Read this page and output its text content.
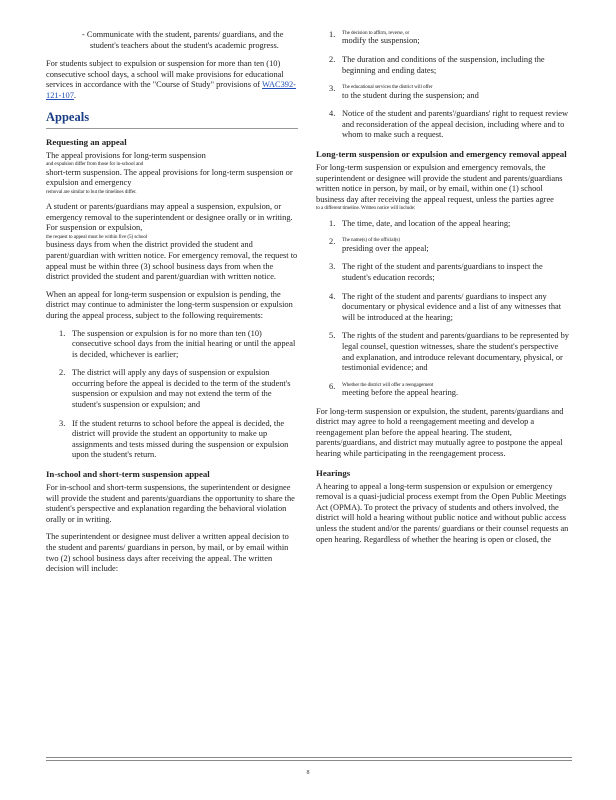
- Communicate with the student, parents/ guardians, and the student's teachers about the student's academic progress.

For students subject to expulsion or suspension for more than ten (10) consecutive school days, a school will make provisions for educational services in accordance with the "Course of Study" provisions of WAC392-121-107.

Appeals
Requesting an appeal

The appeal provisions for long-term suspension
and expulsion differ from those for in-school and
short-term suspension. The appeal provisions for long-term suspension or expulsion and emergency
removal are similar to but the timelines differ.

A student or parents/guardians may appeal a suspension, expulsion, or emergency removal to the superintendent or designee orally or in writing. For suspension or expulsion,
the request to appeal must be within five (5) school
business days from when the district provided the student and parent/guardian with written notice. For emergency removal, the request to appeal must be within three (3) school business days from when the district provided the student and parent/guardian with written notice.

When an appeal for long-term suspension or expulsion is pending, the district may continue to administer the long-term suspension or expulsion during the appeal process, subject to the following requirements:

1. The suspension or expulsion is for no more than ten (10) consecutive school days from the initial hearing or until the appeal is decided, whichever is earlier;
2. The district will apply any days of suspension or expulsion occurring before the appeal is decided to the term of the student's suspension or expulsion and may not extend the term of the student's suspension or expulsion; and
3. If the student returns to school before the appeal is decided, the district will provide the student an opportunity to make up assignments and tests missed during the suspension or expulsion upon the student's return.
In-school and short-term suspension appeal

For in-school and short-term suspensions, the superintendent or designee will provide the student and parents/guardians the opportunity to share the student's perspective and explanation regarding the behavioral violation orally or in writing.

The superintendent or designee must deliver a written appeal decision to the student and parents/ guardians in person, by mail, or by email within two (2) school business days after receiving the appeal. The written decision will include:

1. The decision to affirm, reverse, or
modify the suspension;
2. The duration and conditions of the suspension, including the beginning and ending dates;
3. The educational services the district will offer
to the student during the suspension; and
4. Notice of the student and parents'/guardians' right to request review and reconsideration of the appeal decision, including where and to whom to make such a request.
Long-term suspension or expulsion and emergency removal appeal

For long-term suspension or expulsion and emergency removals, the superintendent or designee will provide the student and parents/guardians written notice in person, by mail, or by email, within one (1) school business day after receiving the appeal request, unless the parties agree
to a different timeline. Written notice will include:

1. The time, date, and location of the appeal hearing;
2. The name(s) of the official(s)
presiding over the appeal;
3. The right of the student and parents/guardians to inspect the student's education records;
4. The right of the student and parents/ guardians to inspect any documentary or physical evidence and a list of any witnesses that will be introduced at the hearing;
5. The rights of the student and parents/guardians to be represented by legal counsel, question witnesses, share the student's perspective and explanation, and introduce relevant documentary, physical, or testimonial evidence; and
6. Whether the district will offer a reengagement
meeting before the appeal hearing.

For long-term suspension or expulsion, the student, parents/guardians and district may agree to hold a reengagement meeting and develop a reengagement plan before the appeal hearing. The student, parents/guardians, and district may mutually agree to postpone the appeal hearing while participating in the reengagement process.

Hearings

A hearing to appeal a long-term suspension or expulsion or emergency removal is a quasi-judicial process exempt from the Open Public Meetings Act (OPMA). To protect the privacy of students and others involved, the district will hold a hearing without public notice and without public access unless the student and/or the parents/ guardians or their counsel requests an open hearing. Regardless of whether the hearing is open or closed, the

8
